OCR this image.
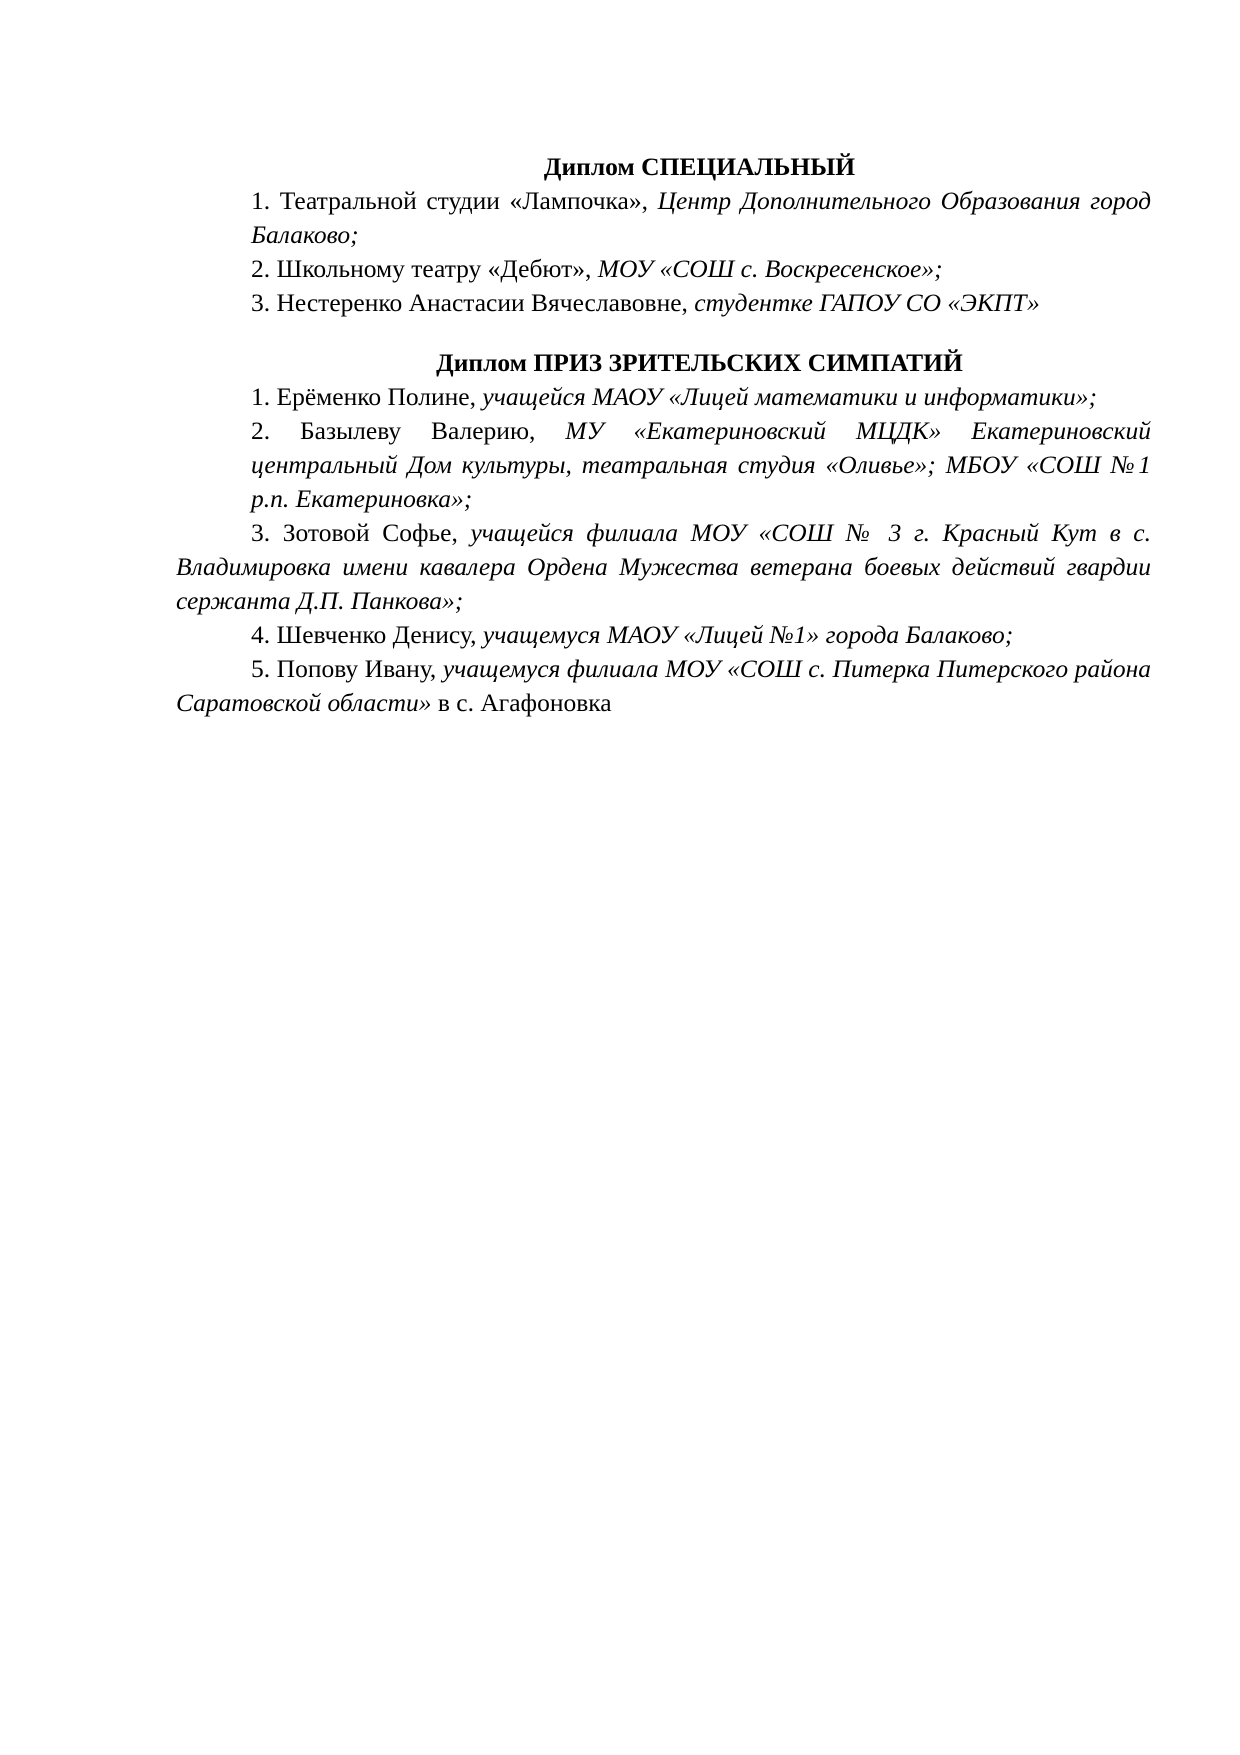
Диплом СПЕЦИАЛЬНЫЙ

1. Театральной студии «Лампочка», Центр Дополнительного Образования город Балаково;

2. Школьному театру «Дебют», МОУ «СОШ с. Воскресенское»;

3. Нестеренко Анастасии Вячеславовне, студентке ГАПОУ СО «ЭКПТ»

Диплом ПРИЗ ЗРИТЕЛЬСКИХ СИМПАТИЙ

1. Ерёменко Полине, учащейся МАОУ «Лицей математики и информатики»;

2. Базылеву Валерию, МУ «Екатериновский МЦДК» Екатериновский центральный Дом культуры, театральная студия «Оливье»; МБОУ «СОШ №1 р.п. Екатериновка»;

3. Зотовой Софье, учащейся филиала МОУ «СОШ № 3 г. Красный Кут в с. Владимировка имени кавалера Ордена Мужества ветерана боевых действий гвардии сержанта Д.П. Панкова»;

4. Шевченко Денису, учащемуся МАОУ «Лицей №1» города Балаково;

5. Попову Ивану, учащемуся филиала МОУ «СОШ с. Питерка Питерского района Саратовской области» в с. Агафоновка
